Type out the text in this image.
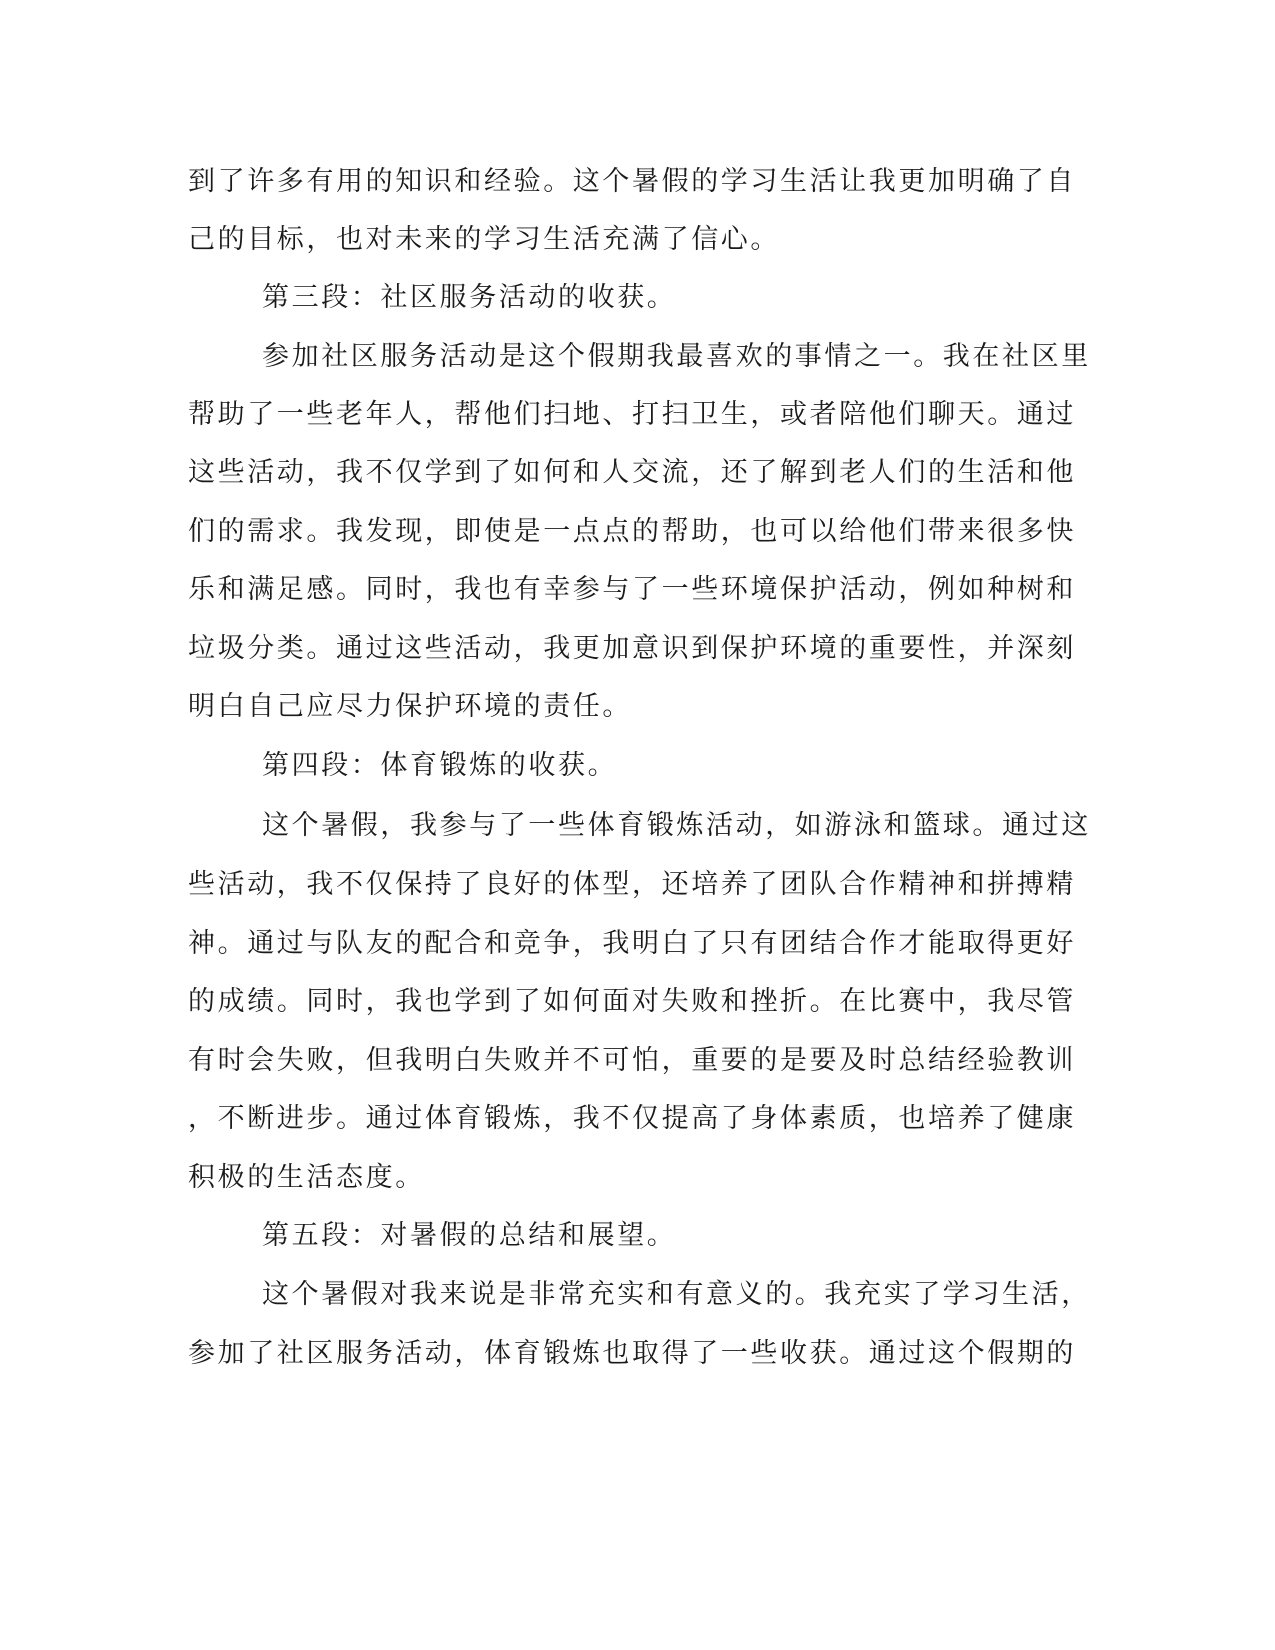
到了许多有用的知识和经验。这个暑假的学习生活让我更加明确了自
己的目标，也对未来的学习生活充满了信心。
第三段：社区服务活动的收获。
参加社区服务活动是这个假期我最喜欢的事情之一。我在社区里
帮助了一些老年人，帮他们扫地、打扫卫生，或者陪他们聊天。通过
这些活动，我不仅学到了如何和人交流，还了解到老人们的生活和他
们的需求。我发现，即使是一点点的帮助，也可以给他们带来很多快
乐和满足感。同时，我也有幸参与了一些环境保护活动，例如种树和
垃圾分类。通过这些活动，我更加意识到保护环境的重要性，并深刻
明白自己应尽力保护环境的责任。
第四段：体育锻炼的收获。
这个暑假，我参与了一些体育锻炼活动，如游泳和篮球。通过这
些活动，我不仅保持了良好的体型，还培养了团队合作精神和拼搏精
神。通过与队友的配合和竞争，我明白了只有团结合作才能取得更好
的成绩。同时，我也学到了如何面对失败和挫折。在比赛中，我尽管
有时会失败，但我明白失败并不可怕，重要的是要及时总结经验教训
，不断进步。通过体育锻炼，我不仅提高了身体素质，也培养了健康
积极的生活态度。
第五段：对暑假的总结和展望。
这个暑假对我来说是非常充实和有意义的。我充实了学习生活，
参加了社区服务活动，体育锻炼也取得了一些收获。通过这个假期的
